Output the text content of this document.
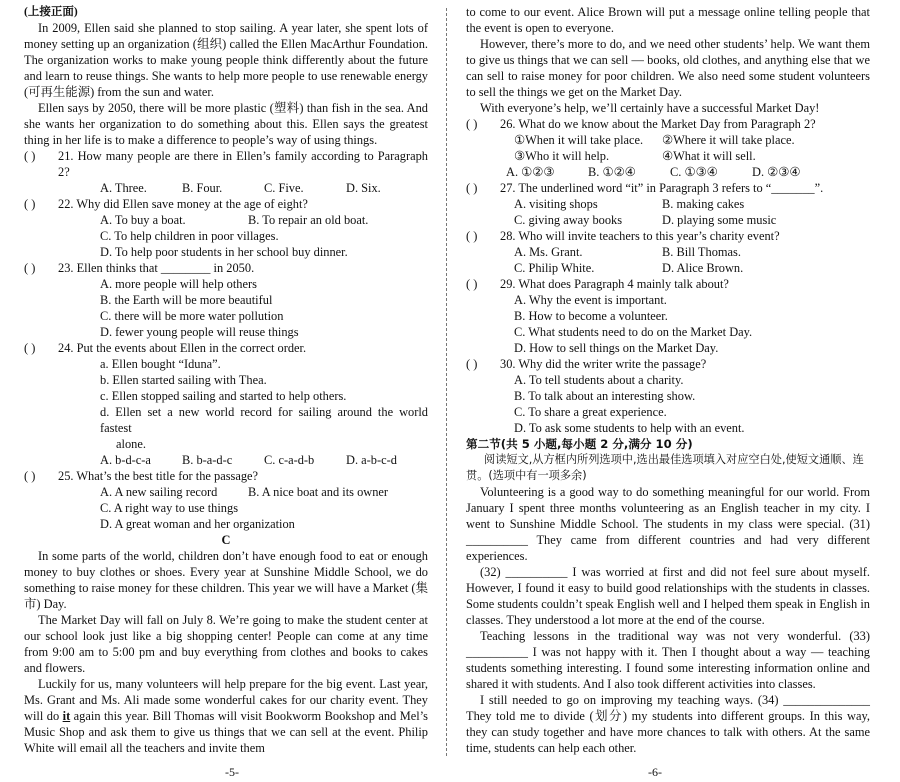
(上接正面)

In 2009, Ellen said she planned to stop sailing. A year later, she spent lots of money setting up an organization (组织) called the Ellen MacArthur Foundation. The organization works to make young people think differently about the future and learn to reuse things. She wants to help more people to use renewable energy (可再生能源) from the sun and water.

Ellen says by 2050, there will be more plastic (塑料) than fish in the sea. And she wants her organization to do something about this. Ellen says the greatest thing in her life is to make a difference to people’s way of using things.

( )	21. How many people are there in Ellen’s family according to Paragraph 2?
A. Three.	B. Four.	C. Five.	D. Six.
( )	22. Why did Ellen save money at the age of eight?
A. To buy a boat.	B. To repair an old boat.
C. To help children in poor villages.
D. To help poor students in her school buy dinner.
( )	23. Ellen thinks that ________ in 2050.
A. more people will help others
B. the Earth will be more beautiful
C. there will be more water pollution
D. fewer young people will reuse things
( )	24. Put the events about Ellen in the correct order.
a. Ellen bought “Iduna”.
b. Ellen started sailing with Thea.
c. Ellen stopped sailing and started to help others.
d. Ellen set a new world record for sailing around the world fastest
alone.
A. b-d-c-a	B. b-a-d-c	C. c-a-d-b	D. a-b-c-d
( )	25. What’s the best title for the passage?
A. A new sailing record	B. A nice boat and its owner
C. A right way to use things
D. A great woman and her organization

C

In some parts of the world, children don’t have enough food to eat or enough money to buy clothes or shoes. Every year at Sunshine Middle School, we do something to raise money for these children. This year we will have a Market (集市) Day.

The Market Day will fall on July 8. We’re going to make the student center at our school look just like a big shopping center! People can come at any time from 9:00 am to 5:00 pm and buy everything from clothes and books to cakes and flowers.

Luckily for us, many volunteers will help prepare for the big event. Last year, Ms. Grant and Ms. Ali made some wonderful cakes for our charity event. They will do it again this year. Bill Thomas will visit Bookworm Bookshop and Mel’s Music Shop and ask them to give us things that we can sell at the event. Philip White will email all the teachers and invite them

to come to our event. Alice Brown will put a message online telling people that the event is open to everyone.

However, there’s more to do, and we need other students’ help. We want them to give us things that we can sell — books, old clothes, and anything else that we can sell to raise money for poor children. We also need some student volunteers to sell the things we get on the Market Day.

With everyone’s help, we’ll certainly have a successful Market Day!

( )	26. What do we know about the Market Day from Paragraph 2?
①When it will take place.	②Where it will take place.
③Who it will help.	④What it will sell.
A. ①②③	B. ①②④	C. ①③④	D. ②③④
( )	27. The underlined word “it” in Paragraph 3 refers to “_______”.
A. visiting shops	B. making cakes
C. giving away books	D. playing some music
( )	28. Who will invite teachers to this year’s charity event?
A. Ms. Grant.	B. Bill Thomas.
C. Philip White.	D. Alice Brown.
( )	29. What does Paragraph 4 mainly talk about?
A. Why the event is important.
B. How to become a volunteer.
C. What students need to do on the Market Day.
D. How to sell things on the Market Day.
( )	30. Why did the writer write the passage?
A. To tell students about a charity.
B. To talk about an interesting show.
C. To share a great experience.
D. To ask some students to help with an event.

第二节(共 5 小题,每小题 2 分,满分 10 分)

阅读短文,从方框内所列选项中,选出最佳选项填入对应空白处,使短文通顺、连贯。(选项中有一项多余)

Volunteering is a good way to do something meaningful for our world. From January I spent three months volunteering as an English teacher in my city. I went to Sunshine Middle School. The students in my class were special. (31) __________ They came from different countries and had very different experiences.

(32) __________ I was worried at first and did not feel sure about myself. However, I found it easy to build good relationships with the students in classes. Some students couldn’t speak English well and I helped them speak in English in classes. They understood a lot more at the end of the course.

Teaching lessons in the traditional way was not very wonderful. (33) __________ I was not happy with it. Then I thought about a way — teaching students something interesting. I found some interesting information online and shared it with students. And I also took different activities into classes.

I still needed to go on improving my teaching ways. (34) ______________ They told me to divide (划分) my students into different groups. In this way, they can study together and have more chances to talk with others. At the same time, students can help each other.

-5-	-6-
